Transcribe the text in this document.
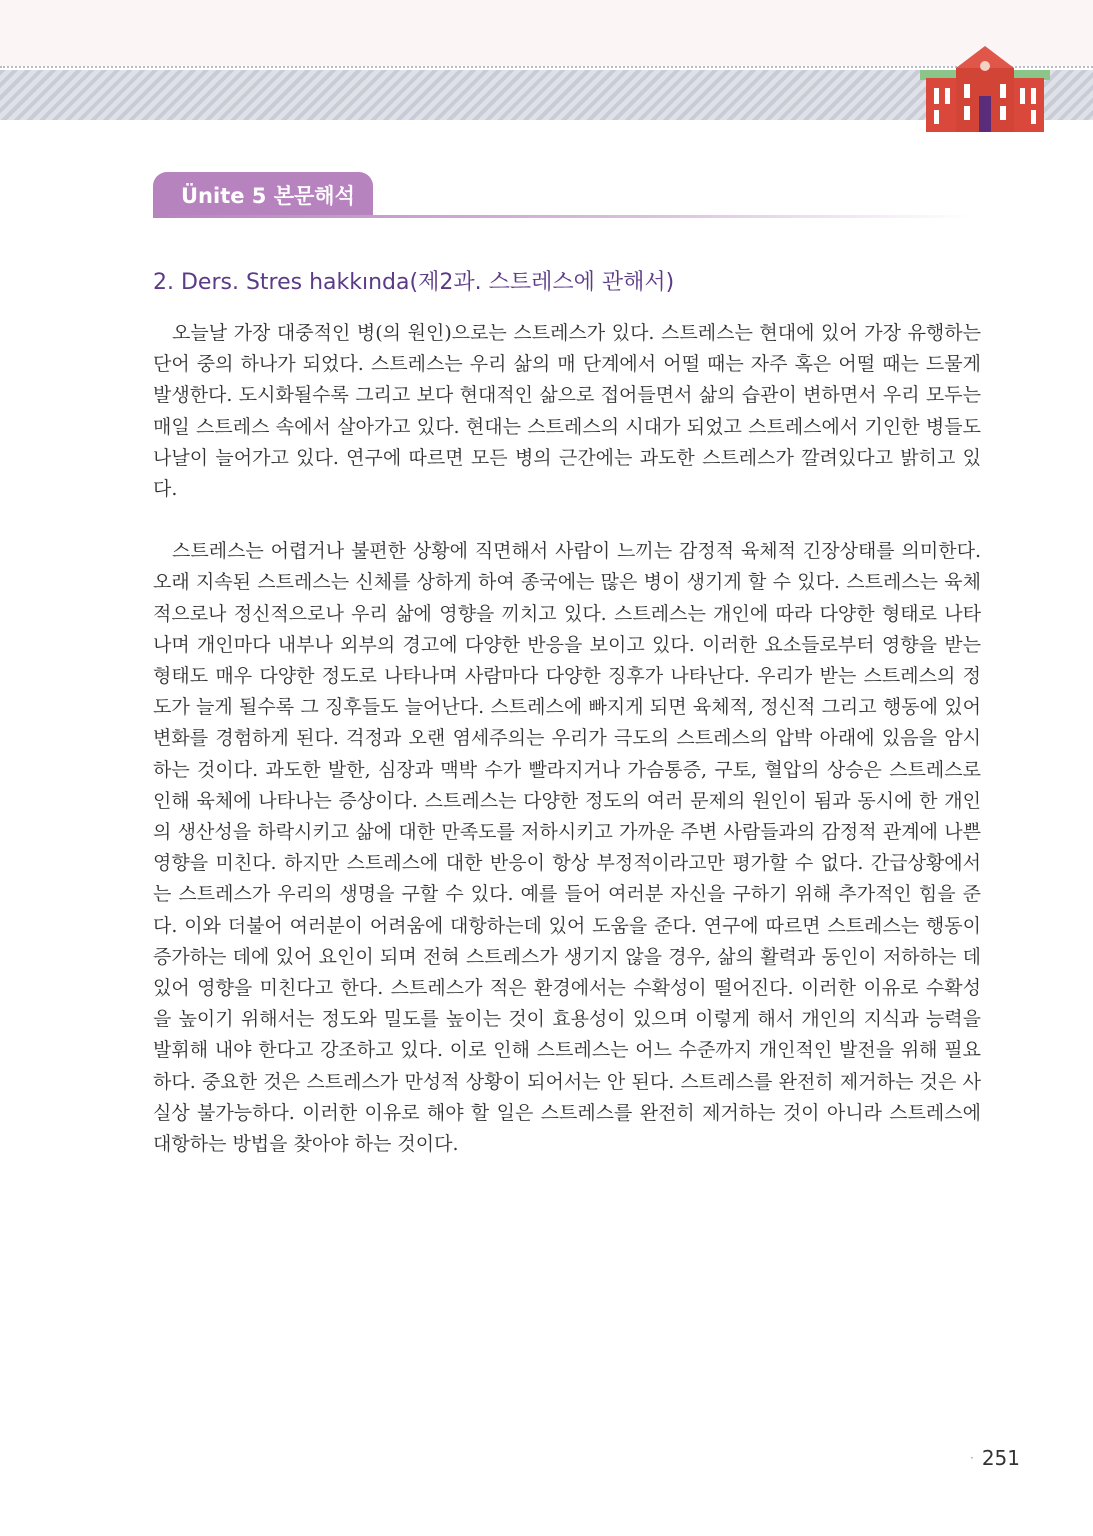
Ünite 5 본문해석
2. Ders. Stres hakkında(제2과. 스트레스에 관해서)

오늘날 가장 대중적인 병(의 원인)으로는 스트레스가 있다. 스트레스는 현대에 있어 가장 유행하는 단어 중의 하나가 되었다. 스트레스는 우리 삶의 매 단계에서 어떨 때는 자주 혹은 어떨 때는 드물게 발생한다. 도시화될수록 그리고 보다 현대적인 삶으로 접어들면서 삶의 습관이 변하면서 우리 모두는 매일 스트레스 속에서 살아가고 있다. 현대는 스트레스의 시대가 되었고 스트레스에서 기인한 병들도 나날이 늘어가고 있다. 연구에 따르면 모든 병의 근간에는 과도한 스트레스가 깔려있다고 밝히고 있다.

스트레스는 어렵거나 불편한 상황에 직면해서 사람이 느끼는 감정적 육체적 긴장상태를 의미한다. 오래 지속된 스트레스는 신체를 상하게 하여 종국에는 많은 병이 생기게 할 수 있다. 스트레스는 육체적으로나 정신적으로나 우리 삶에 영향을 끼치고 있다. 스트레스는 개인에 따라 다양한 형태로 나타나며 개인마다 내부나 외부의 경고에 다양한 반응을 보이고 있다. 이러한 요소들로부터 영향을 받는 형태도 매우 다양한 정도로 나타나며 사람마다 다양한 징후가 나타난다. 우리가 받는 스트레스의 정도가 늘게 될수록 그 징후들도 늘어난다. 스트레스에 빠지게 되면 육체적, 정신적 그리고 행동에 있어 변화를 경험하게 된다. 걱정과 오랜 염세주의는 우리가 극도의 스트레스의 압박 아래에 있음을 암시하는 것이다. 과도한 발한, 심장과 맥박 수가 빨라지거나 가슴통증, 구토, 혈압의 상승은 스트레스로 인해 육체에 나타나는 증상이다. 스트레스는 다양한 정도의 여러 문제의 원인이 됨과 동시에 한 개인의 생산성을 하락시키고 삶에 대한 만족도를 저하시키고 가까운 주변 사람들과의 감정적 관계에 나쁜 영향을 미친다. 하지만 스트레스에 대한 반응이 항상 부정적이라고만 평가할 수 없다. 간급상황에서는 스트레스가 우리의 생명을 구할 수 있다. 예를 들어 여러분 자신을 구하기 위해 추가적인 힘을 준다. 이와 더불어 여러분이 어려움에 대항하는데 있어 도움을 준다. 연구에 따르면 스트레스는 행동이 증가하는 데에 있어 요인이 되며 전혀 스트레스가 생기지 않을 경우, 삶의 활력과 동인이 저하하는 데 있어 영향을 미친다고 한다. 스트레스가 적은 환경에서는 수확성이 떨어진다. 이러한 이유로 수확성을 높이기 위해서는 정도와 밀도를 높이는 것이 효용성이 있으며 이렇게 해서 개인의 지식과 능력을 발휘해 내야 한다고 강조하고 있다. 이로 인해 스트레스는 어느 수준까지 개인적인 발전을 위해 필요하다. 중요한 것은 스트레스가 만성적 상황이 되어서는 안 된다. 스트레스를 완전히 제거하는 것은 사실상 불가능하다. 이러한 이유로 해야 할 일은 스트레스를 완전히 제거하는 것이 아니라 스트레스에 대항하는 방법을 찾아야 하는 것이다.

· 251
